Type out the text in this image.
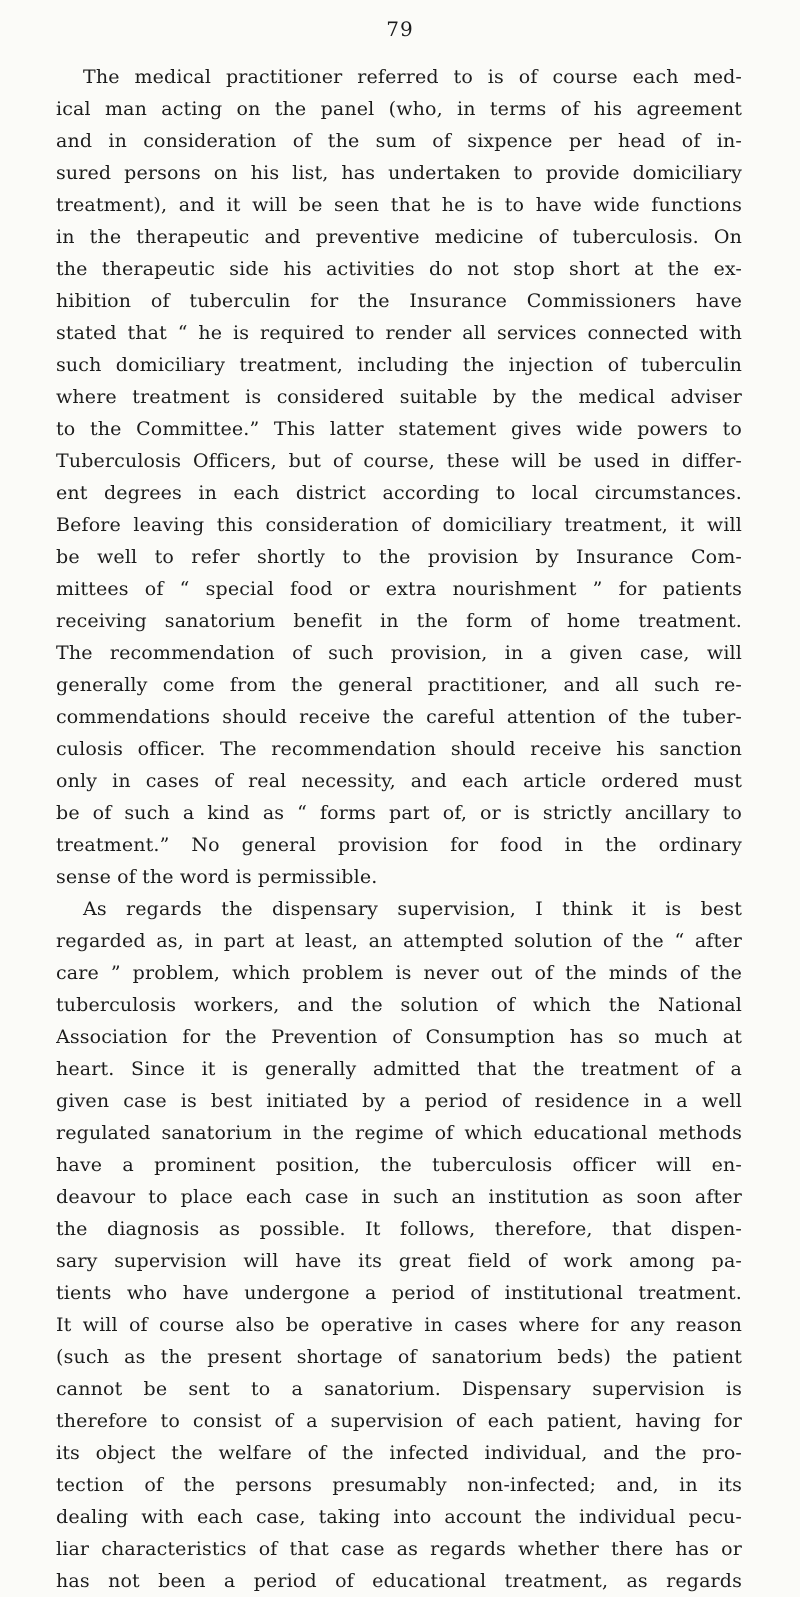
79
The medical practitioner referred to is of course each med-
ical man acting on the panel (who, in terms of his agreement
and in consideration of the sum of sixpence per head of in-
sured persons on his list, has undertaken to provide domiciliary
treatment), and it will be seen that he is to have wide functions
in the therapeutic and preventive medicine of tuberculosis. On
the therapeutic side his activities do not stop short at the ex-
hibition of tuberculin for the Insurance Commissioners have
stated that “ he is required to render all services connected with
such domiciliary treatment, including the injection of tuberculin
where treatment is considered suitable by the medical adviser
to the Committee.” This latter statement gives wide powers to
Tuberculosis Officers, but of course, these will be used in differ-
ent degrees in each district according to local circumstances.
Before leaving this consideration of domiciliary treatment, it will
be well to refer shortly to the provision by Insurance Com-
mittees of “ special food or extra nourishment ” for patients
receiving sanatorium benefit in the form of home treatment.
The recommendation of such provision, in a given case, will
generally come from the general practitioner, and all such re-
commendations should receive the careful attention of the tuber-
culosis officer. The recommendation should receive his sanction
only in cases of real necessity, and each article ordered must
be of such a kind as “ forms part of, or is strictly ancillary to
treatment.” No general provision for food in the ordinary
sense of the word is permissible.
As regards the dispensary supervision, I think it is best
regarded as, in part at least, an attempted solution of the “ after
care ” problem, which problem is never out of the minds of the
tuberculosis workers, and the solution of which the National
Association for the Prevention of Consumption has so much at
heart. Since it is generally admitted that the treatment of a
given case is best initiated by a period of residence in a well
regulated sanatorium in the regime of which educational methods
have a prominent position, the tuberculosis officer will en-
deavour to place each case in such an institution as soon after
the diagnosis as possible. It follows, therefore, that dispen-
sary supervision will have its great field of work among pa-
tients who have undergone a period of institutional treatment.
It will of course also be operative in cases where for any reason
(such as the present shortage of sanatorium beds) the patient
cannot be sent to a sanatorium. Dispensary supervision is
therefore to consist of a supervision of each patient, having for
its object the welfare of the infected individual, and the pro-
tection of the persons presumably non-infected; and, in its
dealing with each case, taking into account the individual pecu-
liar characteristics of that case as regards whether there has or
has not been a period of educational treatment, as regards
